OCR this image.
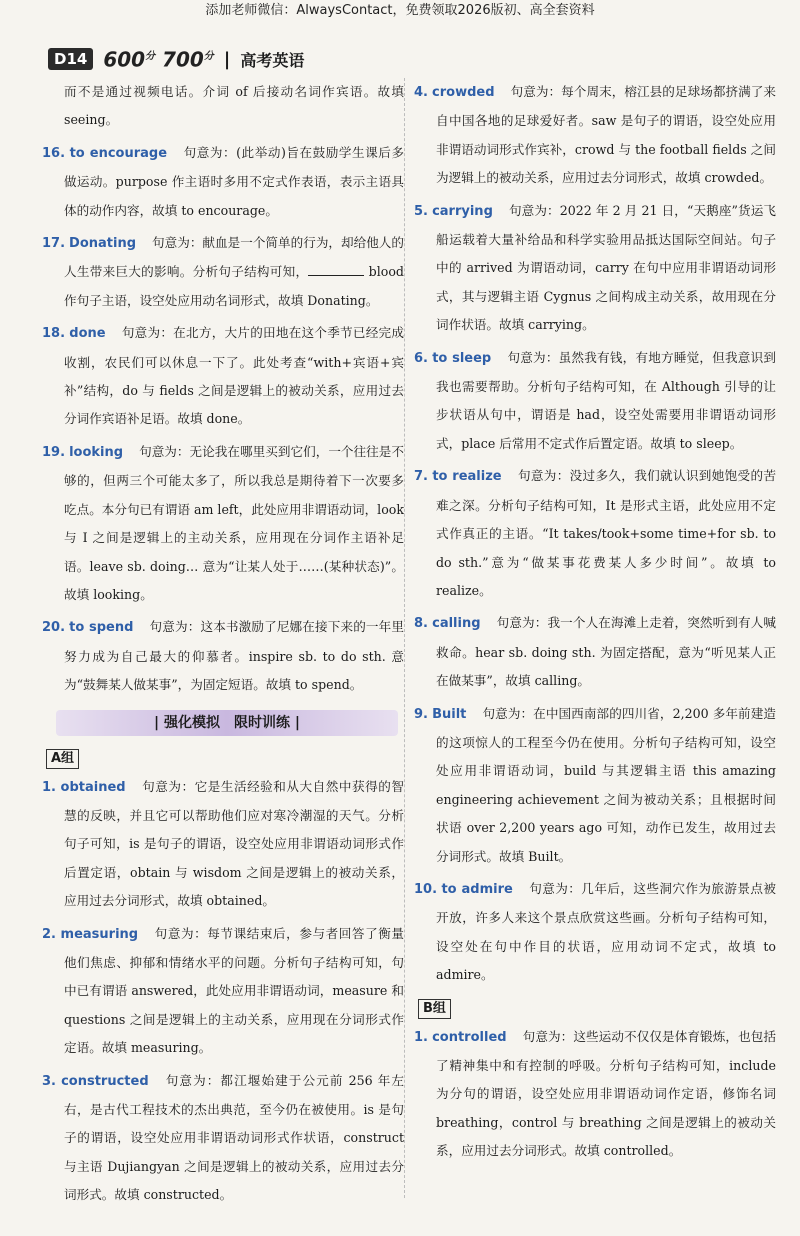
添加老师微信：AlwaysContact，免费领取2026版初、高全套资料
D14 $600^分$ $700^分$ | 高考英语
而不是通过视频电话。介词 of 后接动名词作宾语。故填 seeing。
16. to encourage 句意为：(此举动)旨在鼓励学生课后多做运动。purpose 作主语时多用不定式作表语，表示主语具体的动作内容，故填 to encourage。
17. Donating 句意为：献血是一个简单的行为，却给他人的人生带来巨大的影响。分析句子结构可知，	blood 作句子主语，设空处应用动名词形式，故填 Donating。
18. done 句意为：在北方，大片的田地在这个季节已经完成收割，农民们可以休息一下了。此处考查“with+宾语+宾补”结构，do 与 fields 之间是逻辑上的被动关系，应用过去分词作宾语补足语。故填 done。
19. looking 句意为：无论我在哪里买到它们，一个往往是不够的，但两三个可能太多了，所以我总是期待着下一次要多吃点。本分句已有谓语 am left，此处应用非谓语动词，look 与 I 之间是逻辑上的主动关系，应用现在分词作主语补足语。leave sb. doing… 意为“让某人处于……(某种状态)”。故填 looking。
20. to spend 句意为：这本书激励了尼娜在接下来的一年里努力成为自己最大的仰慕者。inspire sb. to do sth. 意为“鼓舞某人做某事”，为固定短语。故填 to spend。
| 强化模拟　限时训练 |
A组
1. obtained 句意为：它是生活经验和从大自然中获得的智慧的反映，并且它可以帮助他们应对寒冷潮湿的天气。分析句子可知，is 是句子的谓语，设空处应用非谓语动词形式作后置定语，obtain 与 wisdom 之间是逻辑上的被动关系，应用过去分词形式，故填 obtained。
2. measuring 句意为：每节课结束后，参与者回答了衡量他们焦虑、抑郁和情绪水平的问题。分析句子结构可知，句中已有谓语 answered，此处应用非谓语动词，measure 和 questions 之间是逻辑上的主动关系，应用现在分词形式作定语。故填 measuring。
3. constructed 句意为：都江堰始建于公元前 256 年左右，是古代工程技术的杰出典范，至今仍在被使用。is 是句子的谓语，设空处应用非谓语动词形式作状语，construct 与主语 Dujiangyan 之间是逻辑上的被动关系，应用过去分词形式。故填 constructed。
4. crowded 句意为：每个周末，榕江县的足球场都挤满了来自中国各地的足球爱好者。saw 是句子的谓语，设空处应用非谓语动词形式作宾补，crowd 与 the football fields 之间为逻辑上的被动关系，应用过去分词形式，故填 crowded。
5. carrying 句意为：2022 年 2 月 21 日，“天鹅座”货运飞船运载着大量补给品和科学实验用品抵达国际空间站。句子中的 arrived 为谓语动词，carry 在句中应用非谓语动词形式，其与逻辑主语 Cygnus 之间构成主动关系，故用现在分词作状语。故填 carrying。
6. to sleep 句意为：虽然我有钱，有地方睡觉，但我意识到我也需要帮助。分析句子结构可知，在 Although 引导的让步状语从句中，谓语是 had，设空处需要用非谓语动词形式，place 后常用不定式作后置定语。故填 to sleep。
7. to realize 句意为：没过多久，我们就认识到她饱受的苦难之深。分析句子结构可知，It 是形式主语，此处应用不定式作真正的主语。“It takes/took+some time+for sb. to do sth.”意为“做某事花费某人多少时间”。故填 to realize。
8. calling 句意为：我一个人在海滩上走着，突然听到有人喊救命。hear sb. doing sth. 为固定搭配，意为“听见某人正在做某事”，故填 calling。
9. Built 句意为：在中国西南部的四川省，2,200 多年前建造的这项惊人的工程至今仍在使用。分析句子结构可知，设空处应用非谓语动词，build 与其逻辑主语 this amazing engineering achievement 之间为被动关系；且根据时间状语 over 2,200 years ago 可知，动作已发生，故用过去分词形式。故填 Built。
10. to admire 句意为：几年后，这些洞穴作为旅游景点被开放，许多人来这个景点欣赏这些画。分析句子结构可知，设空处在句中作目的状语，应用动词不定式，故填 to admire。
B组
1. controlled 句意为：这些运动不仅仅是体育锻炼，也包括了精神集中和有控制的呼吸。分析句子结构可知，include 为分句的谓语，设空处应用非谓语动词作定语，修饰名词 breathing，control 与 breathing 之间是逻辑上的被动关系，应用过去分词形式。故填 controlled。
